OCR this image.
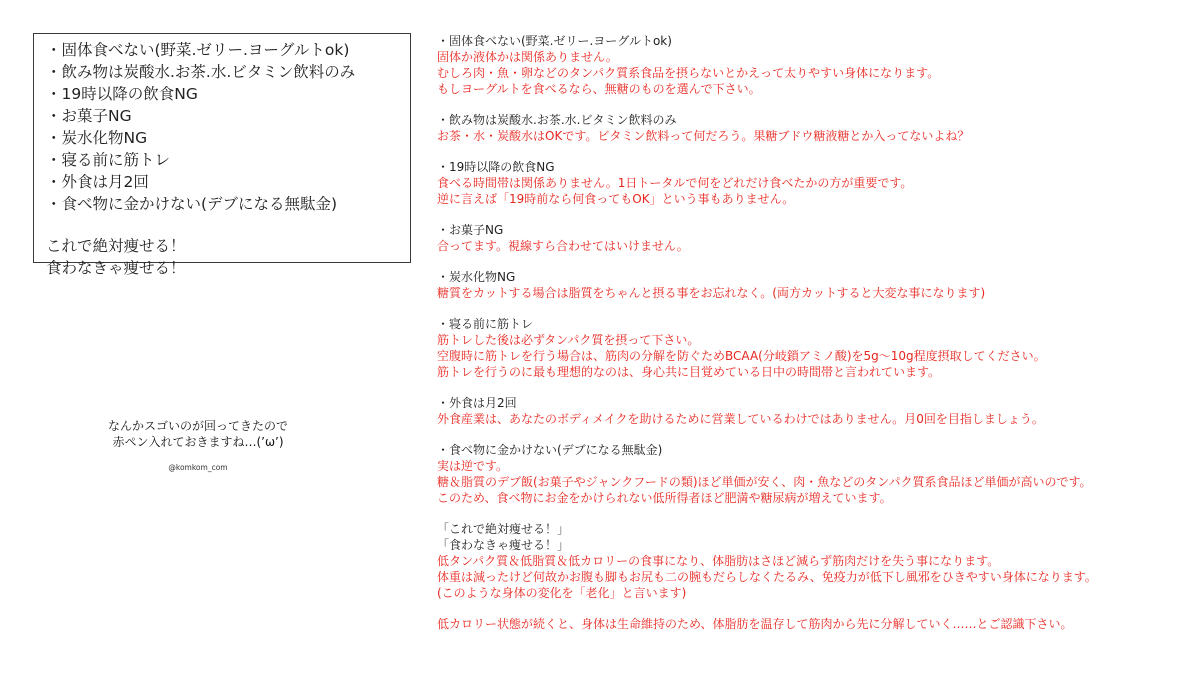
・固体食べない(野菜.ゼリー.ヨーグルトok)
・飲み物は炭酸水.お茶.水.ビタミン飲料のみ
・19時以降の飲食NG
・お菓子NG
・炭水化物NG
・寝る前に筋トレ
・外食は月2回
・食べ物に金かけない(デブになる無駄金)
これで絶対痩せる！
食わなきゃ痩せる！
なんかスゴいのが回ってきたので
赤ペン入れておきますね…(’ω’)
@komkom_com
・固体食べない(野菜.ゼリー.ヨーグルトok)
固体か液体かは関係ありません。
むしろ肉・魚・卵などのタンパク質系食品を摂らないとかえって太りやすい身体になります。
もしヨーグルトを食べるなら、無糖のものを選んで下さい。
・飲み物は炭酸水.お茶.水.ビタミン飲料のみ
お茶・水・炭酸水はOKです。ビタミン飲料って何だろう。果糖ブドウ糖液糖とか入ってないよね？
・19時以降の飲食NG
食べる時間帯は関係ありません。1日トータルで何をどれだけ食べたかの方が重要です。
逆に言えば「19時前なら何食ってもOK」という事もありません。
・お菓子NG
合ってます。視線すら合わせてはいけません。
・炭水化物NG
糖質をカットする場合は脂質をちゃんと摂る事をお忘れなく。(両方カットすると大変な事になります)
・寝る前に筋トレ
筋トレした後は必ずタンパク質を摂って下さい。
空腹時に筋トレを行う場合は、筋肉の分解を防ぐためBCAA(分岐鎖アミノ酸)を5g〜10g程度摂取してください。
筋トレを行うのに最も理想的なのは、身心共に目覚めている日中の時間帯と言われています。
・外食は月2回
外食産業は、あなたのボディメイクを助けるために営業しているわけではありません。月0回を目指しましょう。
・食べ物に金かけない(デブになる無駄金)
実は逆です。
糖＆脂質のデブ飯(お菓子やジャンクフードの類)ほど単価が安く、肉・魚などのタンパク質系食品ほど単価が高いのです。
このため、食べ物にお金をかけられない低所得者ほど肥満や糖尿病が増えています。
「これで絶対痩せる！」
「食わなきゃ痩せる！」
低タンパク質＆低脂質＆低カロリーの食事になり、体脂肪はさほど減らず筋肉だけを失う事になります。
体重は減ったけど何故かお腹も脚もお尻も二の腕もだらしなくたるみ、免疫力が低下し風邪をひきやすい身体になります。
(このような身体の変化を「老化」と言います)
低カロリー状態が続くと、身体は生命維持のため、体脂肪を温存して筋肉から先に分解していく……とご認識下さい。
